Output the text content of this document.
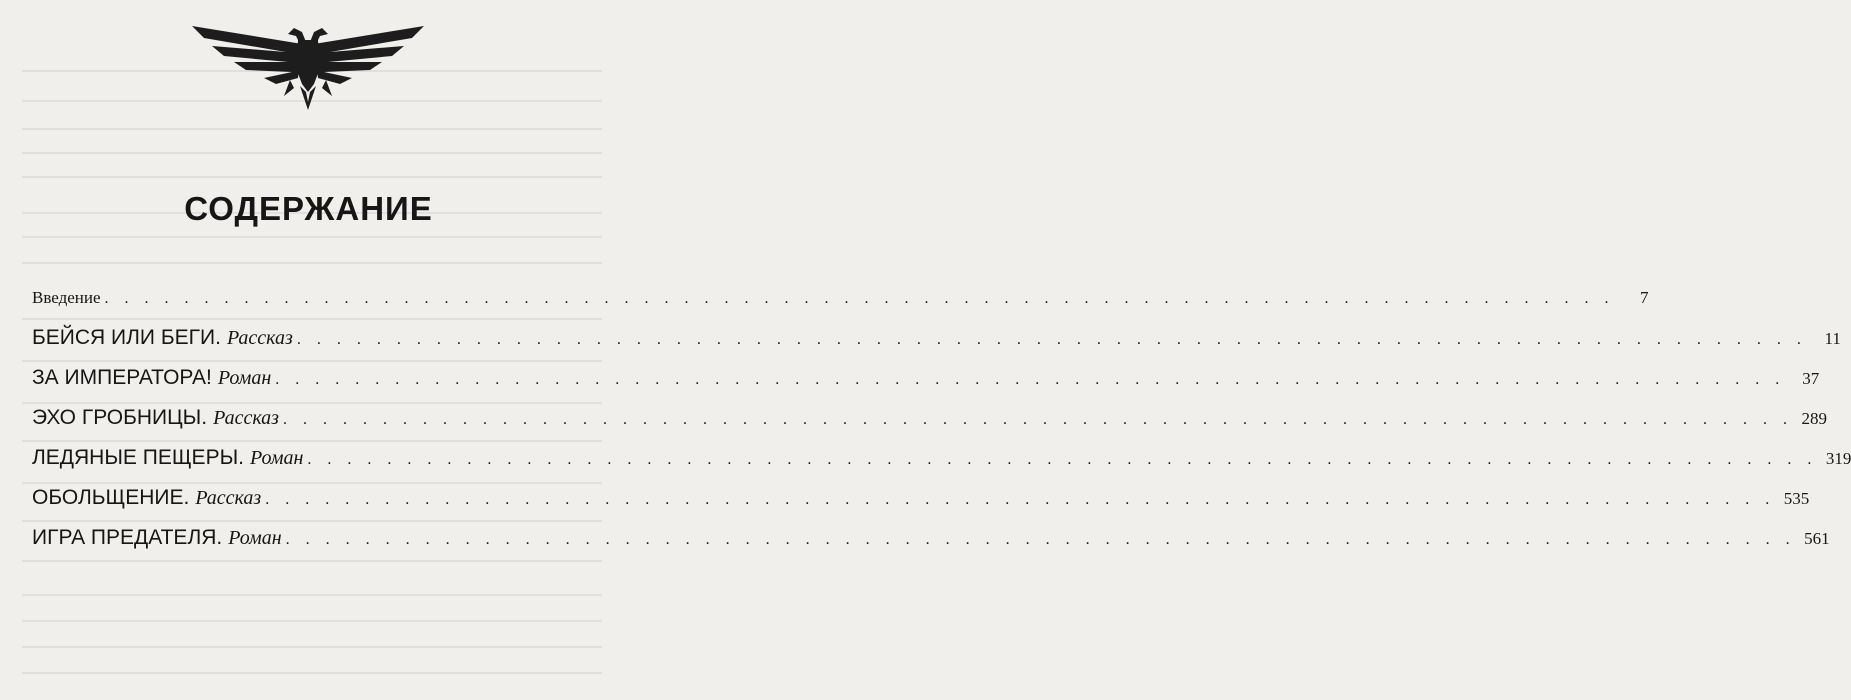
СОДЕРЖАНИЕ
Введение . . . . . . . . . . . . . . . . . . . . . . . . . . . . . . . . . . . . . . . . . . . . . . . . . . . . . . . . . . . . . . . . . . . . . . . . . . . .	7
БЕЙСЯ ИЛИ БЕГИ. Рассказ . . . . . . . . . . . . . . . . . . . . . . . . . . . . . . . . . . . . . . . . . . . . . . . . . . . . . . . . . . . . . . . . . . . . . . . . . . . .	11
ЗА ИМПЕРАТОРА! Роман . . . . . . . . . . . . . . . . . . . . . . . . . . . . . . . . . . . . . . . . . . . . . . . . . . . . . . . . . . . . . . . . . . . . . . . . . . . .	37
ЭХО ГРОБНИЦЫ. Рассказ . . . . . . . . . . . . . . . . . . . . . . . . . . . . . . . . . . . . . . . . . . . . . . . . . . . . . . . . . . . . . . . . . . . . . . . . . . . . 289
ЛЕДЯНЫЕ ПЕЩЕРЫ. Роман . . . . . . . . . . . . . . . . . . . . . . . . . . . . . . . . . . . . . . . . . . . . . . . . . . . . . . . . . . . . . . . . . . . . . . . . . . . . 319
ОБОЛЬЩЕНИЕ. Рассказ . . . . . . . . . . . . . . . . . . . . . . . . . . . . . . . . . . . . . . . . . . . . . . . . . . . . . . . . . . . . . . . . . . . . . . . . . . . . 535
ИГРА ПРЕДАТЕЛЯ. Роман . . . . . . . . . . . . . . . . . . . . . . . . . . . . . . . . . . . . . . . . . . . . . . . . . . . . . . . . . . . . . . . . . . . . . . . . . . . . 561
